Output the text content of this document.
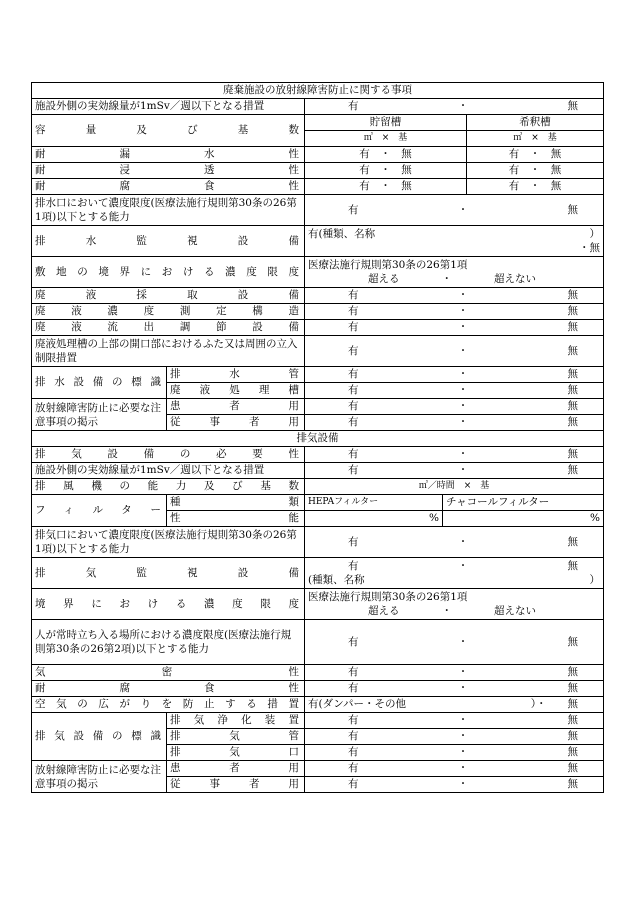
廃棄施設の放射線障害防止に関する事項				
施設外側の実効線量が1mSv／週以下となる措置		有 ・ 無		

容量及び基数		貯留槽		希釈槽
		㎥　×　基		㎥　×　基
耐漏水性		有　 ・　 無		有　 ・　 無
耐浸透性		有　 ・　 無		有　 ・　 無
耐腐食性		有　 ・　 無		有　 ・　 無
排水口において濃度限度(医療法施行規則第30条の26第1項)以下とする能力		有 ・ 無		

排水監視設備		有(種類、名称 ）
・無		

敷地の境界における濃度限度		医療法施行規則第30条の26第1項
超える ・ 超えない		

廃液採取設備		有 ・ 無		

廃液濃度測定構造		有 ・ 無		

廃液流出調節設備		有 ・ 無		

廃液処理槽の上部の開口部におけるふた又は周囲の立入制限措置		有 ・ 無		

排水設備の標識	排水管	有 ・ 無		

	廃液処理槽	有 ・ 無		

放射線障害防止に必要な注意事項の掲示	患者用	有 ・ 無		

	従事者用	有 ・ 無		

排気設備				
排気設備の必要性		有 ・ 無		

施設外側の実効線量が1mSv／週以下となる措置		有 ・ 無		

排風機の能力及び基数		㎥／時間　×　基		
フィルター	種類	HEPAフィルター	チャコールフィルター	
	性能	%	%	
排気口において濃度限度(医療法施行規則第30条の26第1項)以下とする能力		有 ・ 無		

排気監視設備		有 ・ 無
(種類、名称 ）		

境界における濃度限度		医療法施行規則第30条の26第1項
超える ・ 超えない		

人が常時立ち入る場所における濃度限度(医療法施行規則第30条の26第2項)以下とする能力		有 ・ 無		

気密性		有 ・ 無		

耐腐食性		有 ・ 無		

空気の広がりを防止する措置		有(ダンパー・その他 ）・　　 無		

排気設備の標識	排気浄化装置	有 ・ 無		

	排気管	有 ・ 無		

	排気口	有 ・ 無		

放射線障害防止に必要な注意事項の掲示	患者用	有 ・ 無		

	従事者用	有 ・ 無		
